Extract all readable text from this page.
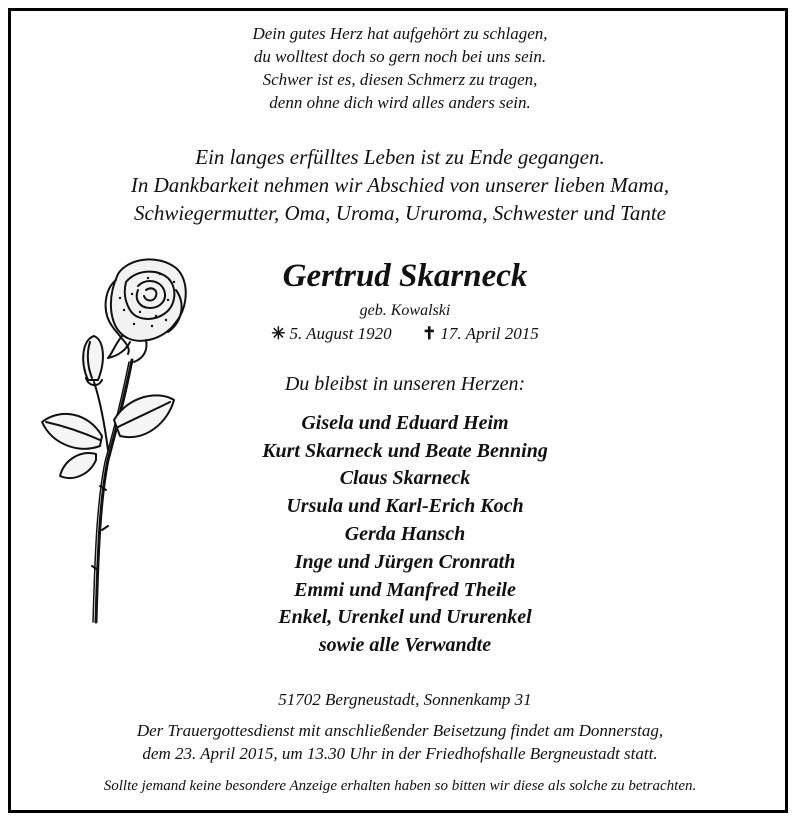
Dein gutes Herz hat aufgehört zu schlagen,

du wolltest doch so gern noch bei uns sein.

Schwer ist es, diesen Schmerz zu tragen,

denn ohne dich wird alles anders sein.

Ein langes erfülltes Leben ist zu Ende gegangen.

In Dankbarkeit nehmen wir Abschied von unserer lieben Mama,

Schwiegermutter, Oma, Uroma, Ururoma, Schwester und Tante

Gertrud Skarneck

geb. Kowalski

✳ 5. August 1920 ✝ 17. April 2015

Du bleibst in unseren Herzen:

Gisela und Eduard Heim

Kurt Skarneck und Beate Benning

Claus Skarneck

Ursula und Karl-Erich Koch

Gerda Hansch

Inge und Jürgen Cronrath

Emmi und Manfred Theile

Enkel, Urenkel und Ururenkel

sowie alle Verwandte

51702 Bergneustadt, Sonnenkamp 31

Der Trauergottesdienst mit anschließender Beisetzung findet am Donnerstag,

dem 23. April 2015, um 13.30 Uhr in der Friedhofshalle Bergneustadt statt.

Sollte jemand keine besondere Anzeige erhalten haben so bitten wir diese als solche zu betrachten.
